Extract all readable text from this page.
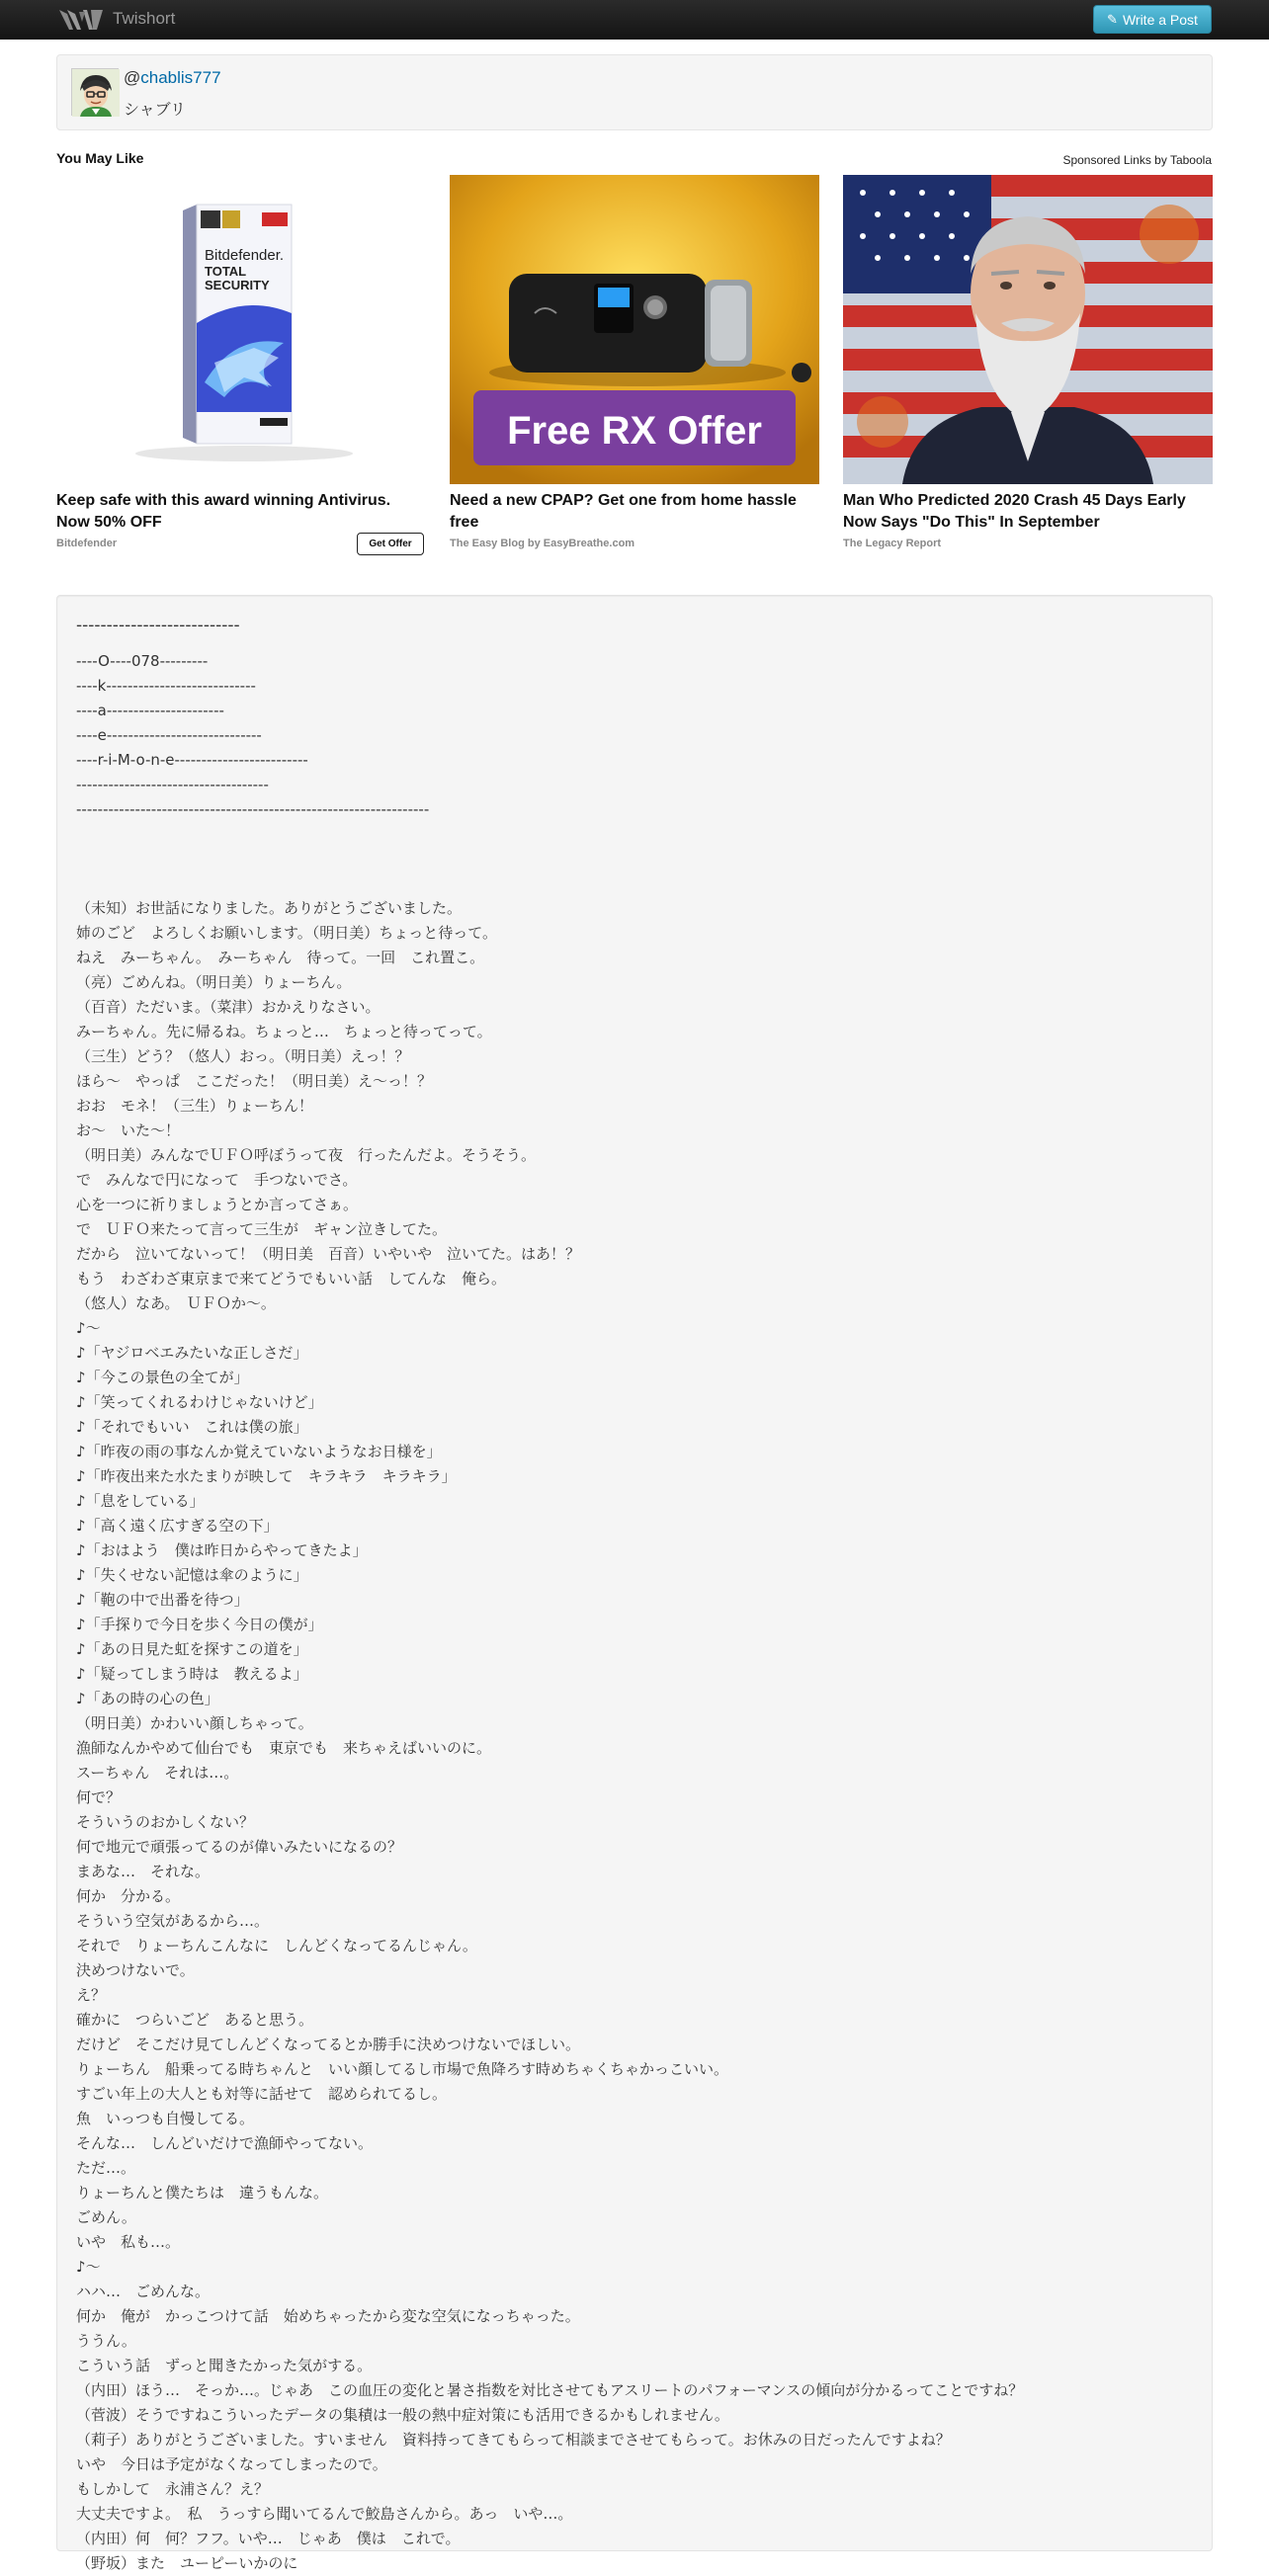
Twishort	✎ Write a Post
@chablis777
シャブリ
You May Like	Sponsored Links by Taboola
Bitdefender.
TOTAL
SECURITY
Keep safe with this award winning Antivirus. Now 50% OFF
Bitdefender	Get Offer
Free RX Offer
Need a new CPAP? Get one from home hassle free
The Easy Blog by EasyBreathe.com
Man Who Predicted 2020 Crash 45 Days Early Now Says "Do This" In September
The Legacy Report
---------------------------
----O----078---------
----k----------------------------
----a----------------------
----e-----------------------------
----r-i-M-o-n-e-------------------------
------------------------------------
------------------------------------------------------------------
（未知）お世話になりました。ありがとうございました。
姉のごど　よろしくお願いします。（明日美）ちょっと待って。
ねえ　みーちゃん。　みーちゃん　待って。一回　これ置こ。
（亮）ごめんね。（明日美）りょーちん。
（百音）ただいま。（菜津）おかえりなさい。
みーちゃん。先に帰るね。ちょっと…　ちょっと待ってって。
（三生）どう？（悠人）おっ。（明日美）えっ！？
ほら～　やっぱ　ここだった！（明日美）え～っ！？
おお　モネ！（三生）りょーちん！
お～　いた～！
（明日美）みんなでＵＦＯ呼ぼうって夜　行ったんだよ。そうそう。
で　みんなで円になって　手つないでさ。
心を一つに祈りましょうとか言ってさぁ。
で　ＵＦＯ来たって言って三生が　ギャン泣きしてた。
だから　泣いてないって！（明日美　百音）いやいや　泣いてた。はあ！？
もう　わざわざ東京まで来てどうでもいい話　してんな　俺ら。
（悠人）なあ。　ＵＦＯか～。
♪～
♪「ヤジロベエみたいな正しさだ」
♪「今この景色の全てが」
♪「笑ってくれるわけじゃないけど」
♪「それでもいい　これは僕の旅」
♪「昨夜の雨の事なんか覚えていないようなお日様を」
♪「昨夜出来た水たまりが映して　キラキラ　キラキラ」
♪「息をしている」
♪「高く遠く広すぎる空の下」
♪「おはよう　僕は昨日からやってきたよ」
♪「失くせない記憶は傘のように」
♪「鞄の中で出番を待つ」
♪「手探りで今日を歩く今日の僕が」
♪「あの日見た虹を探すこの道を」
♪「疑ってしまう時は　教えるよ」
♪「あの時の心の色」
（明日美）かわいい顔しちゃって。
漁師なんかやめて仙台でも　東京でも　来ちゃえばいいのに。
スーちゃん　それは…。
何で？
そういうのおかしくない？
何で地元で頑張ってるのが偉いみたいになるの？
まあな…　それな。
何か　分かる。
そういう空気があるから…。
それで　りょーちんこんなに　しんどくなってるんじゃん。
決めつけないで。
え？
確かに　つらいごど　あると思う。
だけど　そこだけ見てしんどくなってるとか勝手に決めつけないでほしい。
りょーちん　船乗ってる時ちゃんと　いい顔してるし市場で魚降ろす時めちゃくちゃかっこいい。
すごい年上の大人とも対等に話せて　認められてるし。
魚　いっつも自慢してる。
そんな…　しんどいだけで漁師やってない。
ただ…。
りょーちんと僕たちは　違うもんな。
ごめん。
いや　私も…。
♪～
ハハ…　ごめんな。
何か　俺が　かっこつけて話　始めちゃったから変な空気になっちゃった。
ううん。
こういう話　ずっと聞きたかった気がする。
（内田）ほう…　そっか…。じゃあ　この血圧の変化と暑さ指数を対比させてもアスリートのパフォーマンスの傾向が分かるってことですね？
（菅波）そうですねこういったデータの集積は一般の熱中症対策にも活用できるかもしれません。
（莉子）ありがとうございました。すいません　資料持ってきてもらって相談までさせてもらって。お休みの日だったんですよね？
いや　今日は予定がなくなってしまったので。
もしかして　永浦さん？え？
大丈夫ですよ。　私　うっすら聞いてるんで鮫島さんから。あっ　いや…。
（内田）何　何？フフ。いや…　じゃあ　僕は　これで。
（野坂）また　ユーピーいかのに
